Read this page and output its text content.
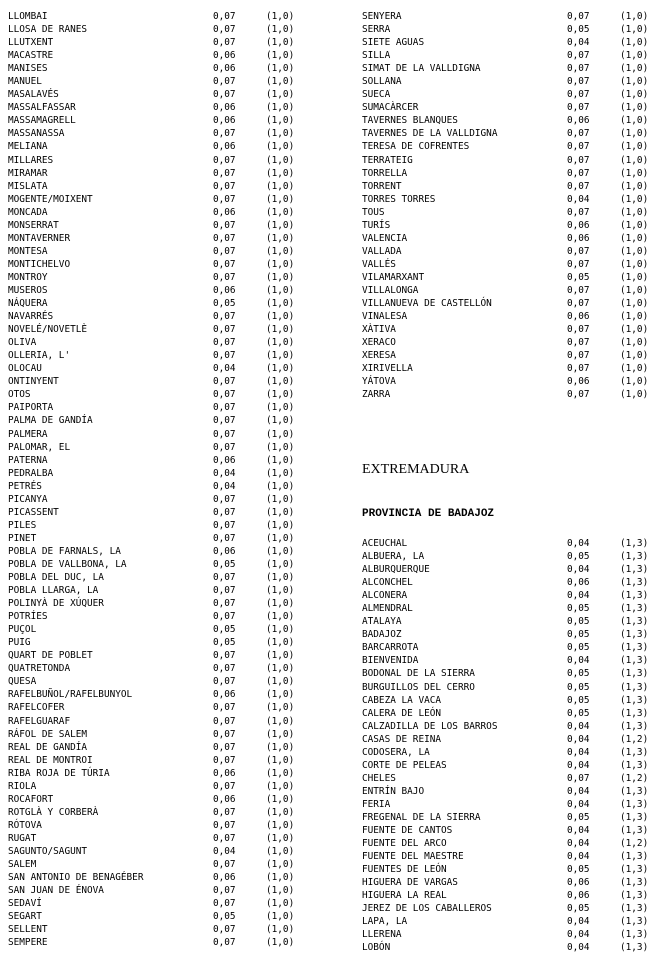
LLOMBAI	0,07	(1,0)
LLOSA DE RANES	0,07	(1,0)
LLUTXENT	0,07	(1,0)
MACASTRE	0,06	(1,0)
MANISES	0,06	(1,0)
MANUEL	0,07	(1,0)
MASALAVÉS	0,07	(1,0)
MASSALFASSAR	0,06	(1,0)
MASSAMAGRELL	0,06	(1,0)
MASSANASSA	0,07	(1,0)
MELIANA	0,06	(1,0)
MILLARES	0,07	(1,0)
MIRAMAR	0,07	(1,0)
MISLATA	0,07	(1,0)
MOGENTE/MOIXENT	0,07	(1,0)
MONCADA	0,06	(1,0)
MONSERRAT	0,07	(1,0)
MONTAVERNER	0,07	(1,0)
MONTESA	0,07	(1,0)
MONTICHELVO	0,07	(1,0)
MONTROY	0,07	(1,0)
MUSEROS	0,06	(1,0)
NÁQUERA	0,05	(1,0)
NAVARRÉS	0,07	(1,0)
NOVELÉ/NOVETLÈ	0,07	(1,0)
OLIVA	0,07	(1,0)
OLLERIA, L'	0,07	(1,0)
OLOCAU	0,04	(1,0)
ONTINYENT	0,07	(1,0)
OTOS	0,07	(1,0)
PAIPORTA	0,07	(1,0)
PALMA DE GANDÍA	0,07	(1,0)
PALMERA	0,07	(1,0)
PALOMAR, EL	0,07	(1,0)
PATERNA	0,06	(1,0)
PEDRALBA	0,04	(1,0)
PETRÉS	0,04	(1,0)
PICANYA	0,07	(1,0)
PICASSENT	0,07	(1,0)
PILES	0,07	(1,0)
PINET	0,07	(1,0)
POBLA DE FARNALS, LA	0,06	(1,0)
POBLA DE VALLBONA, LA	0,05	(1,0)
POBLA DEL DUC, LA	0,07	(1,0)
POBLA LLARGA, LA	0,07	(1,0)
POLINYÀ DE XÚQUER	0,07	(1,0)
POTRÍES	0,07	(1,0)
PUÇOL	0,05	(1,0)
PUIG	0,05	(1,0)
QUART DE POBLET	0,07	(1,0)
QUATRETONDA	0,07	(1,0)
QUESA	0,07	(1,0)
RAFELBUÑOL/RAFELBUNYOL	0,06	(1,0)
RAFELCOFER	0,07	(1,0)
RAFELGUARAF	0,07	(1,0)
RÁFOL DE SALEM	0,07	(1,0)
REAL DE GANDÍA	0,07	(1,0)
REAL DE MONTROI	0,07	(1,0)
RIBA ROJA DE TÚRIA	0,06	(1,0)
RIOLA	0,07	(1,0)
ROCAFORT	0,06	(1,0)
ROTGLÀ Y CORBERÀ	0,07	(1,0)
RÓTOVA	0,07	(1,0)
RUGAT	0,07	(1,0)
SAGUNTO/SAGUNT	0,04	(1,0)
SALEM	0,07	(1,0)
SAN ANTONIO DE BENAGÉBER	0,06	(1,0)
SAN JUAN DE ÉNOVA	0,07	(1,0)
SEDAVÍ	0,07	(1,0)
SEGART	0,05	(1,0)
SELLENT	0,07	(1,0)
SEMPERE	0,07	(1,0)
SENYERA	0,07	(1,0)
SERRA	0,05	(1,0)
SIETE AGUAS	0,04	(1,0)
SILLA	0,07	(1,0)
SIMAT DE LA VALLDIGNA	0,07	(1,0)
SOLLANA	0,07	(1,0)
SUECA	0,07	(1,0)
SUMACÀRCER	0,07	(1,0)
TAVERNES BLANQUES	0,06	(1,0)
TAVERNES DE LA VALLDIGNA	0,07	(1,0)
TERESA DE COFRENTES	0,07	(1,0)
TERRATEIG	0,07	(1,0)
TORRELLA	0,07	(1,0)
TORRENT	0,07	(1,0)
TORRES TORRES	0,04	(1,0)
TOUS	0,07	(1,0)
TURÍS	0,06	(1,0)
VALENCIA	0,06	(1,0)
VALLADA	0,07	(1,0)
VALLÉS	0,07	(1,0)
VILAMARXANT	0,05	(1,0)
VILLALONGA	0,07	(1,0)
VILLANUEVA DE CASTELLÓN	0,07	(1,0)
VINALESA	0,06	(1,0)
XÀTIVA	0,07	(1,0)
XERACO	0,07	(1,0)
XERESA	0,07	(1,0)
XIRIVELLA	0,07	(1,0)
YÁTOVA	0,06	(1,0)
ZARRA	0,07	(1,0)
EXTREMADURA
PROVINCIA DE BADAJOZ
ACEUCHAL	0,04	(1,3)
ALBUERA, LA	0,05	(1,3)
ALBURQUERQUE	0,04	(1,3)
ALCONCHEL	0,06	(1,3)
ALCONERA	0,04	(1,3)
ALMENDRAL	0,05	(1,3)
ATALAYA	0,05	(1,3)
BADAJOZ	0,05	(1,3)
BARCARROTA	0,05	(1,3)
BIENVENIDA	0,04	(1,3)
BODONAL DE LA SIERRA	0,05	(1,3)
BURGUILLOS DEL CERRO	0,05	(1,3)
CABEZA LA VACA	0,05	(1,3)
CALERA DE LEÓN	0,05	(1,3)
CALZADILLA DE LOS BARROS	0,04	(1,3)
CASAS DE REINA	0,04	(1,2)
CODOSERA, LA	0,04	(1,3)
CORTE DE PELEAS	0,04	(1,3)
CHELES	0,07	(1,2)
ENTRÍN BAJO	0,04	(1,3)
FERIA	0,04	(1,3)
FREGENAL DE LA SIERRA	0,05	(1,3)
FUENTE DE CANTOS	0,04	(1,3)
FUENTE DEL ARCO	0,04	(1,2)
FUENTE DEL MAESTRE	0,04	(1,3)
FUENTES DE LEÓN	0,05	(1,3)
HIGUERA DE VARGAS	0,06	(1,3)
HIGUERA LA REAL	0,06	(1,3)
JEREZ DE LOS CABALLEROS	0,05	(1,3)
LAPA, LA	0,04	(1,3)
LLERENA	0,04	(1,3)
LOBÓN	0,04	(1,3)
